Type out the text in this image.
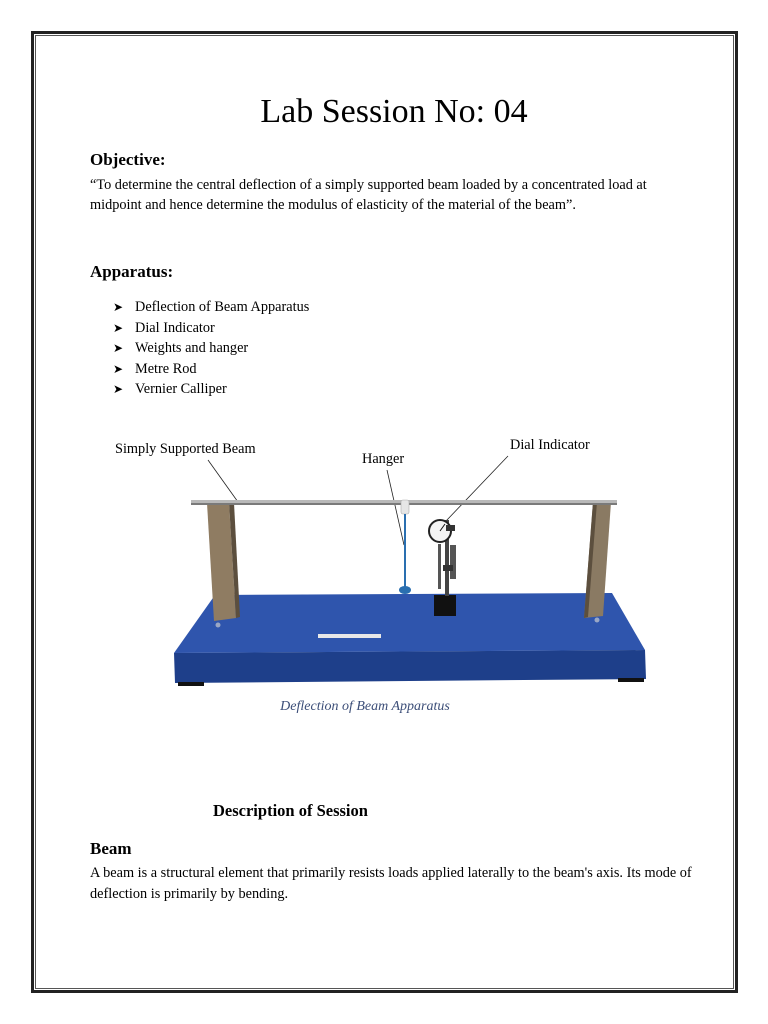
Lab Session No: 04
Objective:
“To determine the central deflection of a simply supported beam loaded by a concentrated load at midpoint and hence determine the modulus of elasticity of the material of the beam”.
Apparatus:
➤ Deflection of Beam Apparatus
➤ Dial Indicator
➤ Weights and hanger
➤ Metre Rod
➤ Vernier Calliper
Simply Supported Beam
Hanger
Dial Indicator
Deflection of Beam Apparatus
Description of Session
Beam
A beam is a structural element that primarily resists loads applied laterally to the beam's axis. Its mode of deflection is primarily by bending.
